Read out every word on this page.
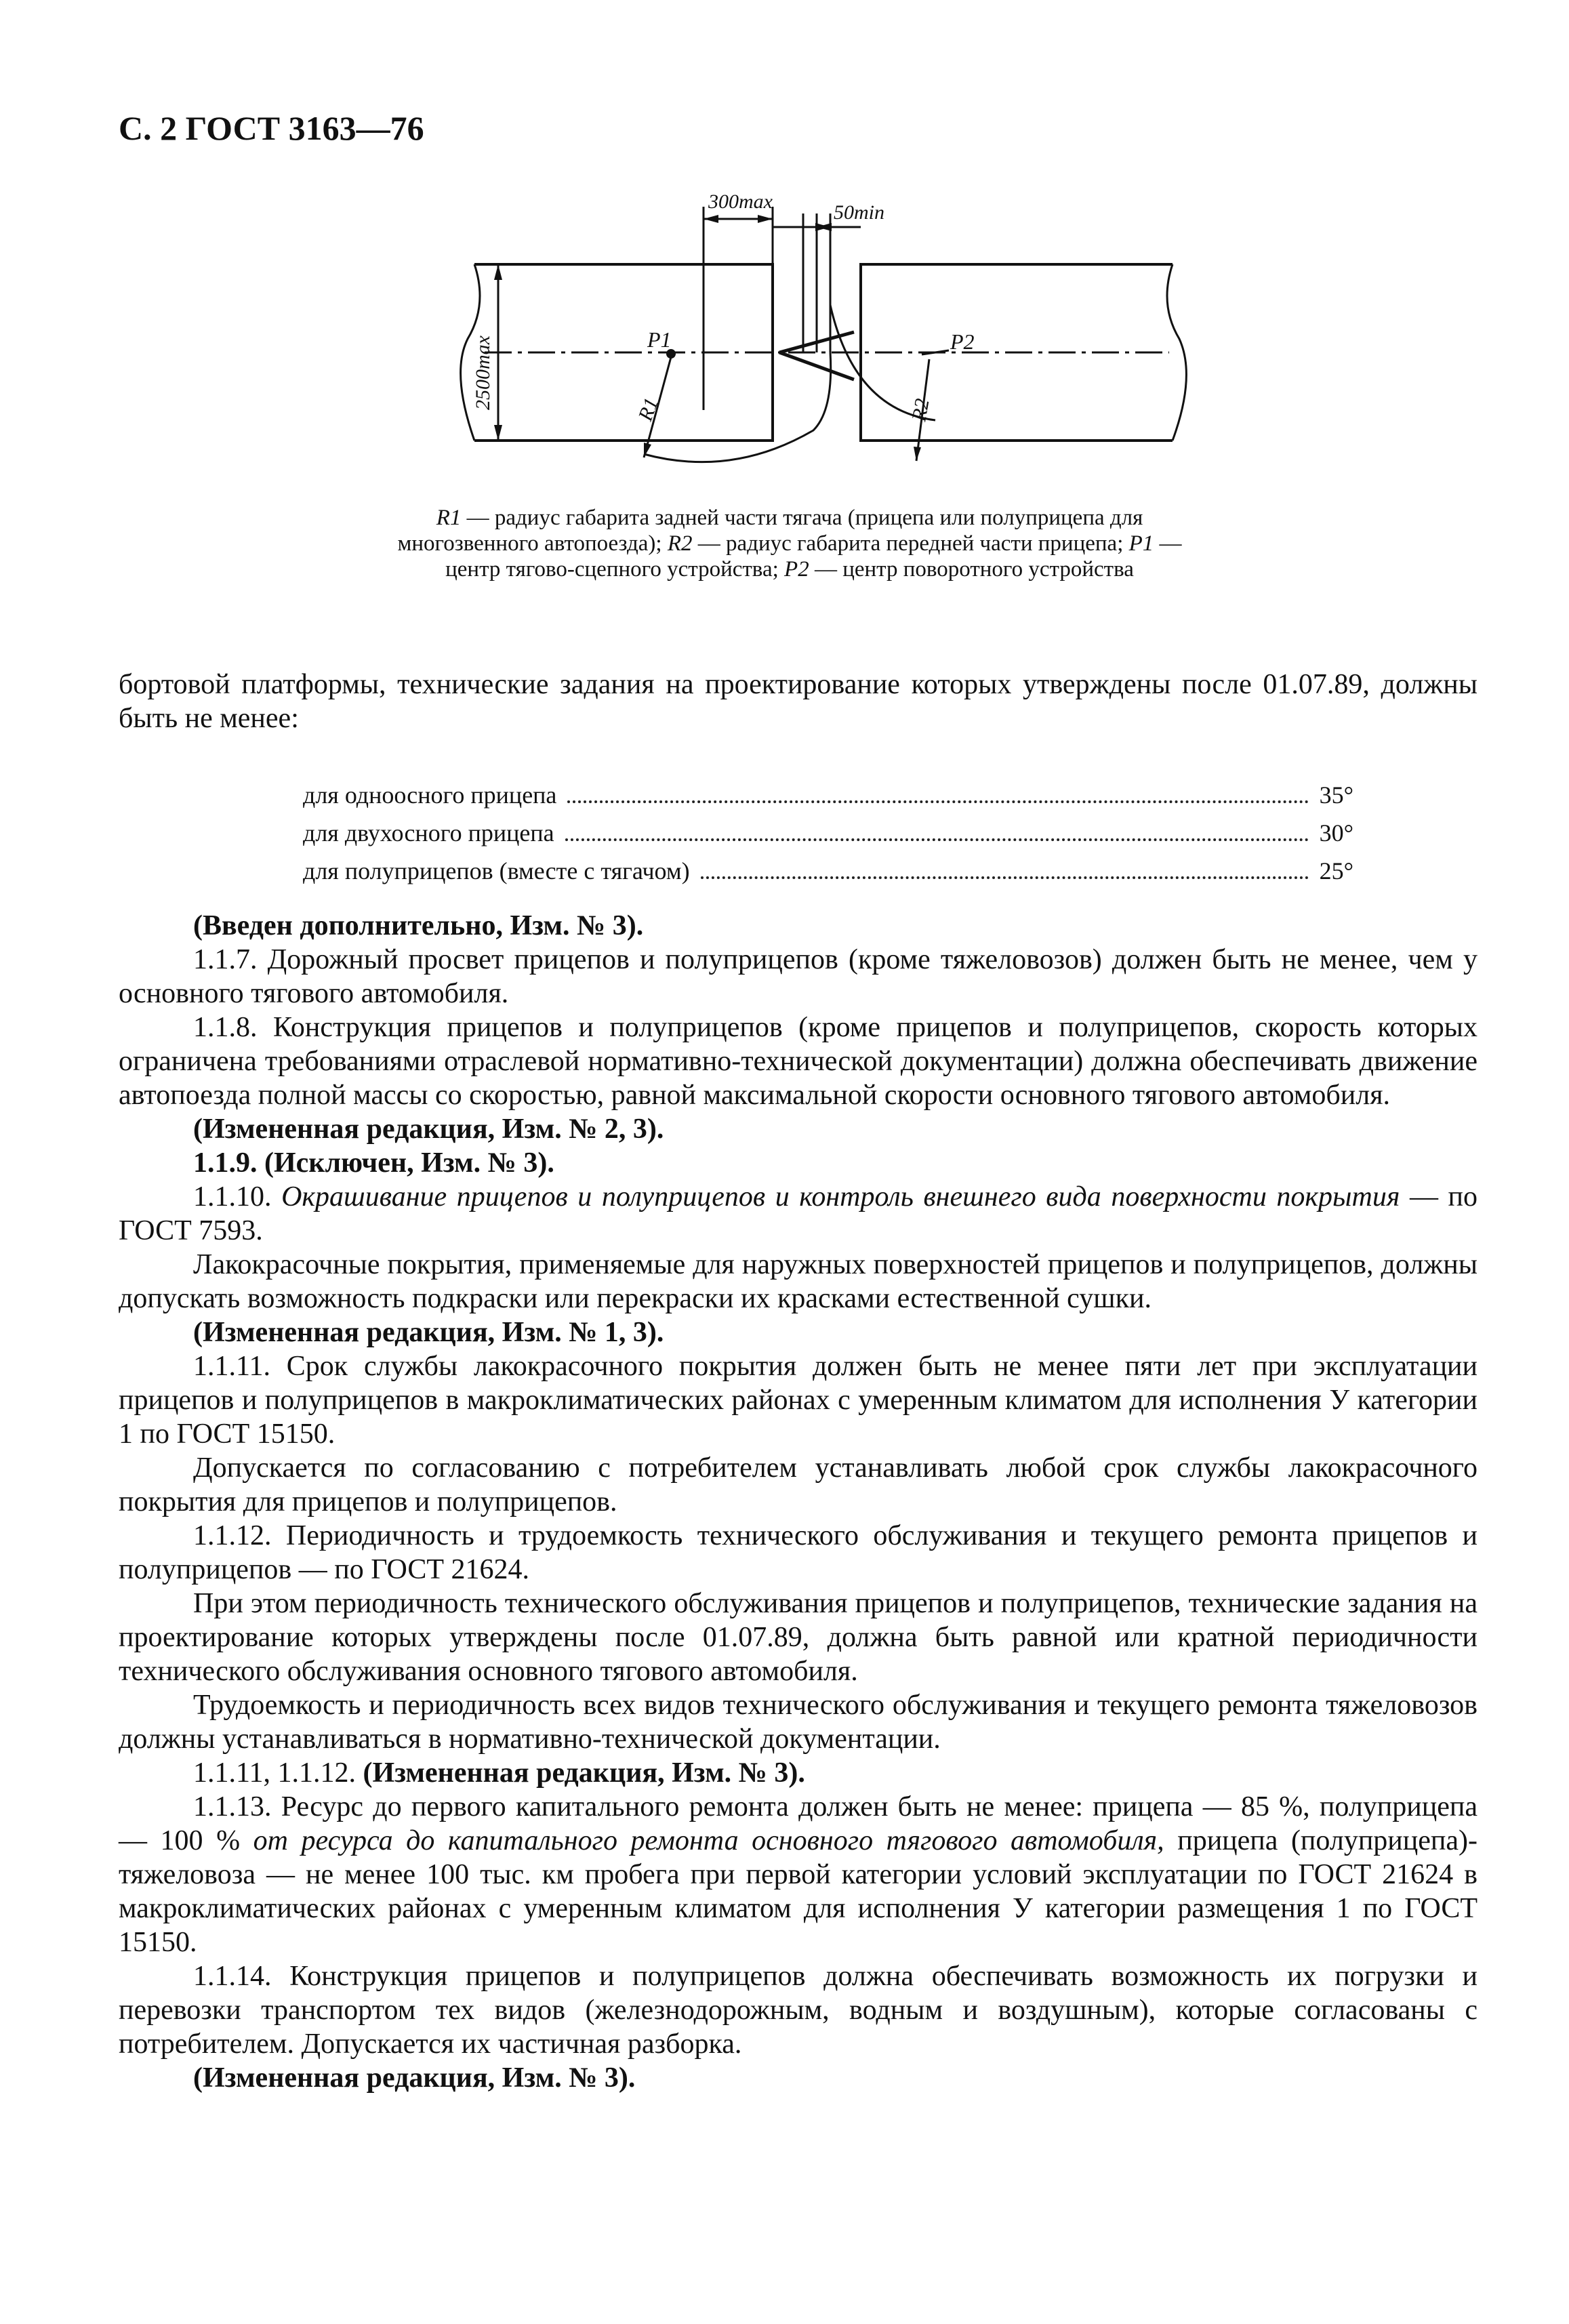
С. 2 ГОСТ 3163—76
300max	50min
2500max	P1	P2
R1	R2
R1 — радиус габарита задней части тягача (прицепа или полуприцепа для многозвенного автопоезда); R2 — радиус габарита передней части прицепа; P1 — центр тягово-сцепного устройства; P2 — центр поворотного устройства

бортовой платформы, технические задания на проектирование которых утверждены после 01.07.89, должны быть не менее:

для одноосного прицепа	35°
для двухосного прицепа	30°
для полуприцепов (вместе с тягачом)	25°

(Введен дополнительно, Изм. № 3).

1.1.7. Дорожный просвет прицепов и полуприцепов (кроме тяжеловозов) должен быть не менее, чем у основного тягового автомобиля.

1.1.8. Конструкция прицепов и полуприцепов (кроме прицепов и полуприцепов, скорость которых ограничена требованиями отраслевой нормативно-технической документации) должна обеспечивать движение автопоезда полной массы со скоростью, равной максимальной скорости основного тягового автомобиля.

(Измененная редакция, Изм. № 2, 3).

1.1.9. (Исключен, Изм. № 3).

1.1.10. Окрашивание прицепов и полуприцепов и контроль внешнего вида поверхности покрытия — по ГОСТ 7593.

Лакокрасочные покрытия, применяемые для наружных поверхностей прицепов и полуприцепов, должны допускать возможность подкраски или перекраски их красками естественной сушки.

(Измененная редакция, Изм. № 1, 3).

1.1.11. Срок службы лакокрасочного покрытия должен быть не менее пяти лет при эксплуатации прицепов и полуприцепов в макроклиматических районах с умеренным климатом для исполнения У категории 1 по ГОСТ 15150.

Допускается по согласованию с потребителем устанавливать любой срок службы лакокрасочного покрытия для прицепов и полуприцепов.

1.1.12. Периодичность и трудоемкость технического обслуживания и текущего ремонта прицепов и полуприцепов — по ГОСТ 21624.

При этом периодичность технического обслуживания прицепов и полуприцепов, технические задания на проектирование которых утверждены после 01.07.89, должна быть равной или кратной периодичности технического обслуживания основного тягового автомобиля.

Трудоемкость и периодичность всех видов технического обслуживания и текущего ремонта тяжеловозов должны устанавливаться в нормативно-технической документации.

1.1.11, 1.1.12. (Измененная редакция, Изм. № 3).

1.1.13. Ресурс до первого капитального ремонта должен быть не менее: прицепа — 85 %, полуприцепа — 100 % от ресурса до капитального ремонта основного тягового автомобиля, прицепа (полуприцепа)-тяжеловоза — не менее 100 тыс. км пробега при первой категории условий эксплуатации по ГОСТ 21624 в макроклиматических районах с умеренным климатом для исполнения У категории размещения 1 по ГОСТ 15150.

1.1.14. Конструкция прицепов и полуприцепов должна обеспечивать возможность их погрузки и перевозки транспортом тех видов (железнодорожным, водным и воздушным), которые согласованы с потребителем. Допускается их частичная разборка.

(Измененная редакция, Изм. № 3).
